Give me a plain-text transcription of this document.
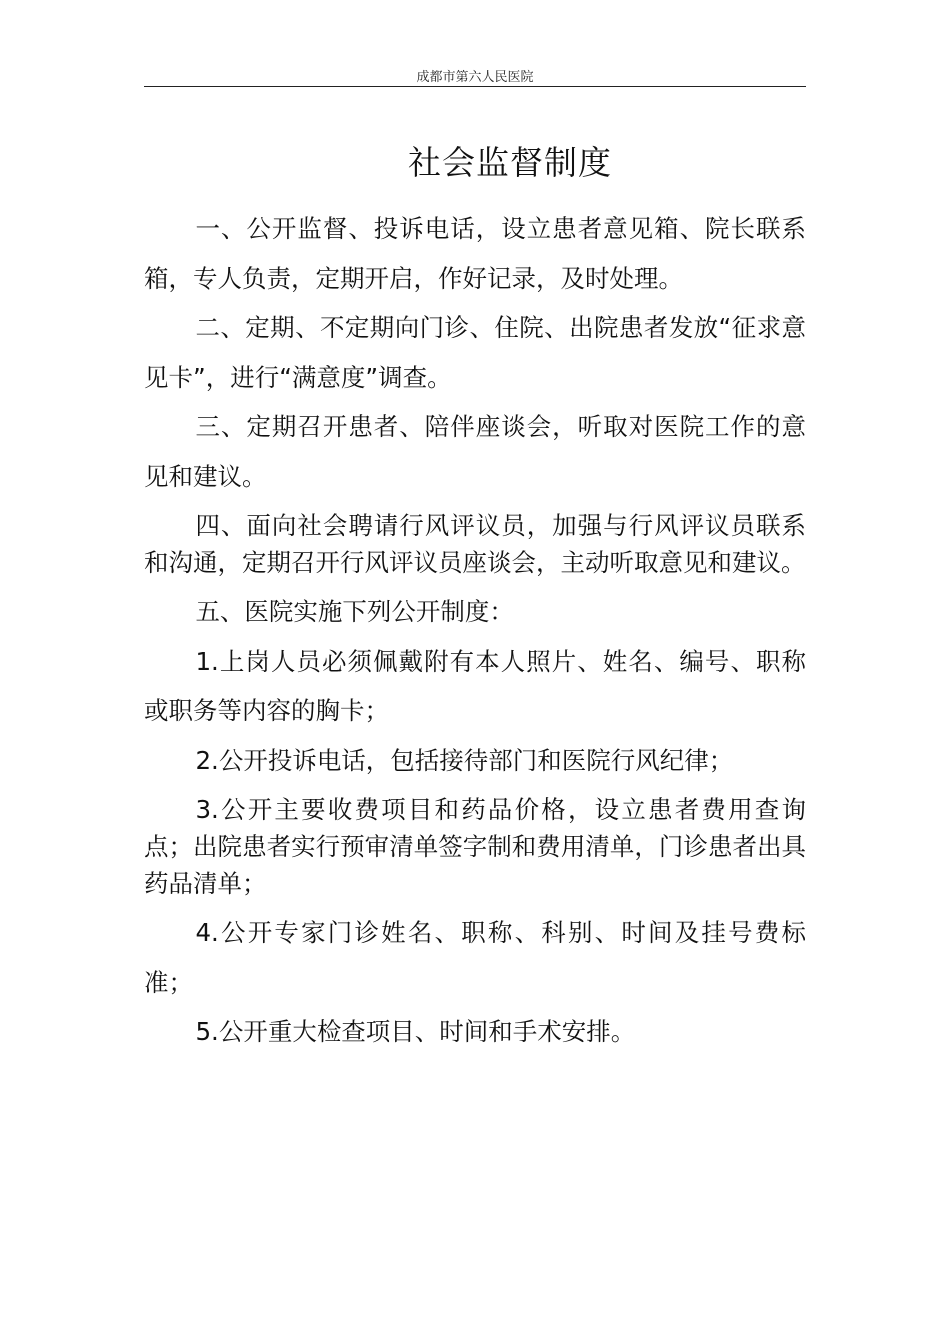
成都市第六人民医院
社会监督制度

一、公开监督、投诉电话，设立患者意见箱、院长联系箱，专人负责，定期开启，作好记录，及时处理。

二、定期、不定期向门诊、住院、出院患者发放“征求意见卡”，进行“满意度”调查。

三、定期召开患者、陪伴座谈会，听取对医院工作的意见和建议。

四、面向社会聘请行风评议员，加强与行风评议员联系和沟通，定期召开行风评议员座谈会，主动听取意见和建议。

五、医院实施下列公开制度：

1.上岗人员必须佩戴附有本人照片、姓名、编号、职称或职务等内容的胸卡；

2.公开投诉电话，包括接待部门和医院行风纪律；

3.公开主要收费项目和药品价格，设立患者费用查询点；出院患者实行预审清单签字制和费用清单，门诊患者出具药品清单；

4.公开专家门诊姓名、职称、科别、时间及挂号费标准；

5.公开重大检查项目、时间和手术安排。
